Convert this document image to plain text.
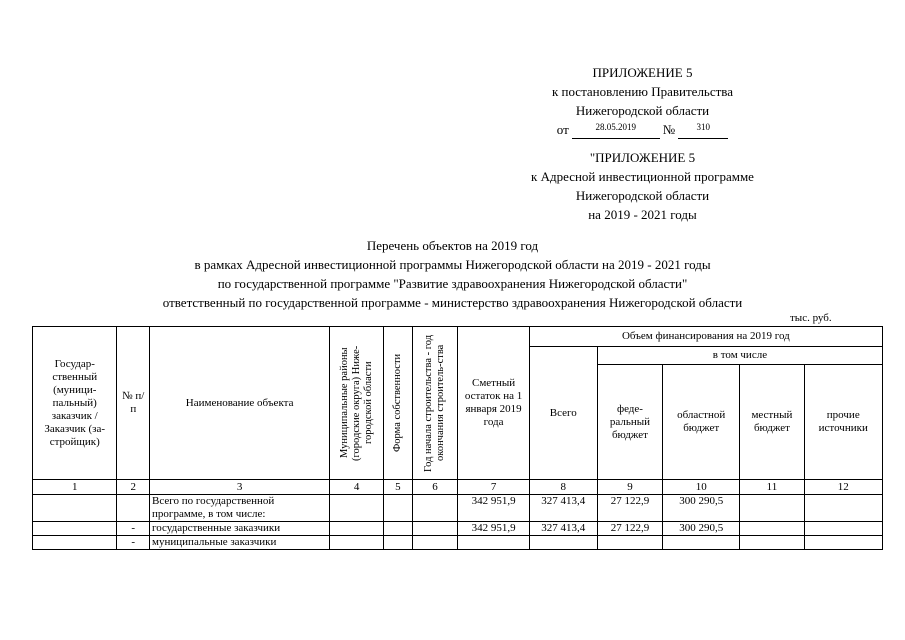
ПРИЛОЖЕНИЕ 5
к постановлению Правительства
Нижегородской области
от	28.05.2019	№	310
"ПРИЛОЖЕНИЕ 5
к Адресной инвестиционной программе
Нижегородской области
на 2019 - 2021 годы
Перечень объектов на 2019 год
в рамках Адресной инвестиционной программы Нижегородской области на 2019 - 2021 годы
по государственной программе "Развитие здравоохранения Нижегородской области"
ответственный по государственной программе - министерство здравоохранения Нижегородской области
тыс. руб.
Государ-ственный (муници-пальный) заказчик / Заказчик (за-стройщик)	№ п/п	Наименование объекта	Муниципальные районы (городские округа) Ниже-городской области	Форма собственности	Год начала строительства - год окончания строитель-ства	Сметный остаток на 1 января 2019 года	Объем финансирования на 2019 год				
							Всего	в том числе			
								феде-ральный бюджет	областной бюджет	местный бюджет	прочие источники
1	2	3	4	5	6	7	8	9	10	11	12
		Всего по государственной программе, в том числе:				342 951,9	327 413,4	27 122,9	300 290,5		
	-	государственные заказчики				342 951,9	327 413,4	27 122,9	300 290,5		
	-	муниципальные заказчики									
